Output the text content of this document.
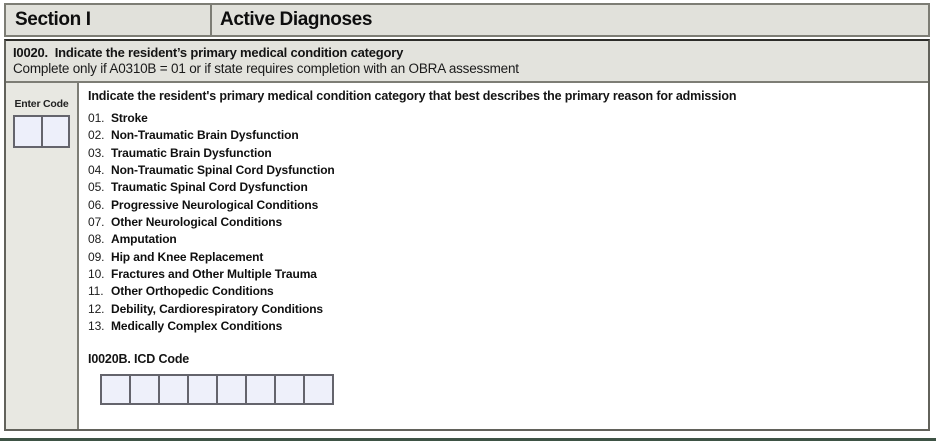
Section I	Active Diagnoses
I0020.  Indicate the resident’s primary medical condition category
Complete only if A0310B = 01 or if state requires completion with an OBRA assessment
Enter Code
Indicate the resident's primary medical condition category that best describes the primary reason for admission
01. Stroke
02. Non-Traumatic Brain Dysfunction
03. Traumatic Brain Dysfunction
04. Non-Traumatic Spinal Cord Dysfunction
05. Traumatic Spinal Cord Dysfunction
06. Progressive Neurological Conditions
07. Other Neurological Conditions
08. Amputation
09. Hip and Knee Replacement
10. Fractures and Other Multiple Trauma
11. Other Orthopedic Conditions
12. Debility, Cardiorespiratory Conditions
13. Medically Complex Conditions
I0020B. ICD Code
